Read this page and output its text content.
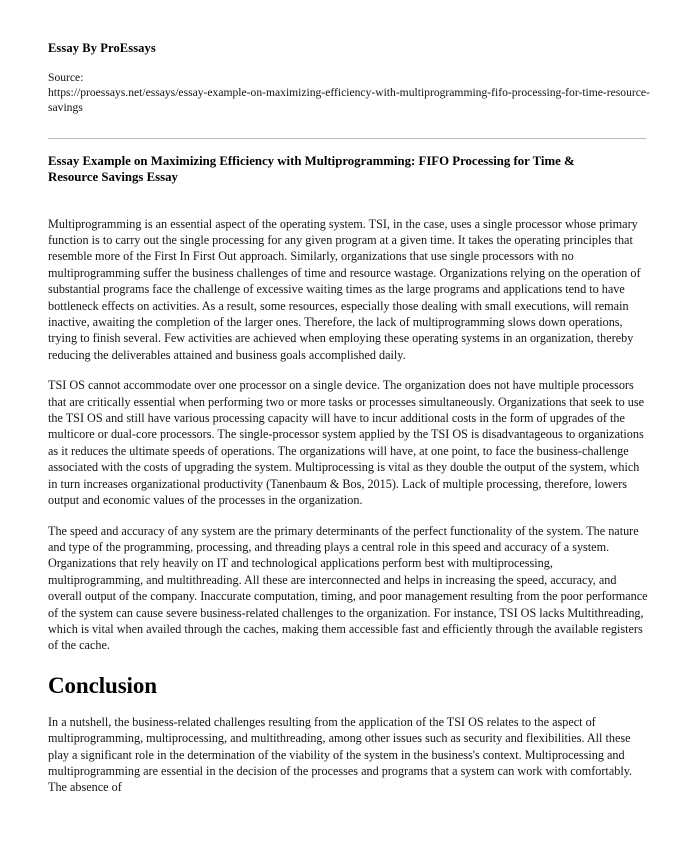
Essay By ProEssays
Source:
https://proessays.net/essays/essay-example-on-maximizing-efficiency-with-multiprogramming-fifo-processing-for-time-resource-savings
Essay Example on Maximizing Efficiency with Multiprogramming: FIFO Processing for Time & Resource Savings Essay

Multiprogramming is an essential aspect of the operating system. TSI, in the case, uses a single processor whose primary function is to carry out the single processing for any given program at a given time. It takes the operating principles that resemble more of the First In First Out approach. Similarly, organizations that use single processors with no multiprogramming suffer the business challenges of time and resource wastage. Organizations relying on the operation of substantial programs face the challenge of excessive waiting times as the large programs and applications tend to have bottleneck effects on activities. As a result, some resources, especially those dealing with small executions, will remain inactive, awaiting the completion of the larger ones. Therefore, the lack of multiprogramming slows down operations, trying to finish several. Few activities are achieved when employing these operating systems in an organization, thereby reducing the deliverables attained and business goals accomplished daily.

TSI OS cannot accommodate over one processor on a single device. The organization does not have multiple processors that are critically essential when performing two or more tasks or processes simultaneously. Organizations that seek to use the TSI OS and still have various processing capacity will have to incur additional costs in the form of upgrades of the multicore or dual-core processors. The single-processor system applied by the TSI OS is disadvantageous to organizations as it reduces the ultimate speeds of operations. The organizations will have, at one point, to face the business-challenge associated with the costs of upgrading the system. Multiprocessing is vital as they double the output of the system, which in turn increases organizational productivity (Tanenbaum & Bos, 2015). Lack of multiple processing, therefore, lowers output and economic values of the processes in the organization.

The speed and accuracy of any system are the primary determinants of the perfect functionality of the system. The nature and type of the programming, processing, and threading plays a central role in this speed and accuracy of a system. Organizations that rely heavily on IT and technological applications perform best with multiprocessing, multiprogramming, and multithreading. All these are interconnected and helps in increasing the speed, accuracy, and overall output of the company. Inaccurate computation, timing, and poor management resulting from the poor performance of the system can cause severe business-related challenges to the organization. For instance, TSI OS lacks Multithreading, which is vital when availed through the caches, making them accessible fast and efficiently through the available registers of the cache.

Conclusion

In a nutshell, the business-related challenges resulting from the application of the TSI OS relates to the aspect of multiprogramming, multiprocessing, and multithreading, among other issues such as security and flexibilities. All these play a significant role in the determination of the viability of the system in the business's context. Multiprocessing and multiprogramming are essential in the decision of the processes and programs that a system can work with comfortably. The absence of
